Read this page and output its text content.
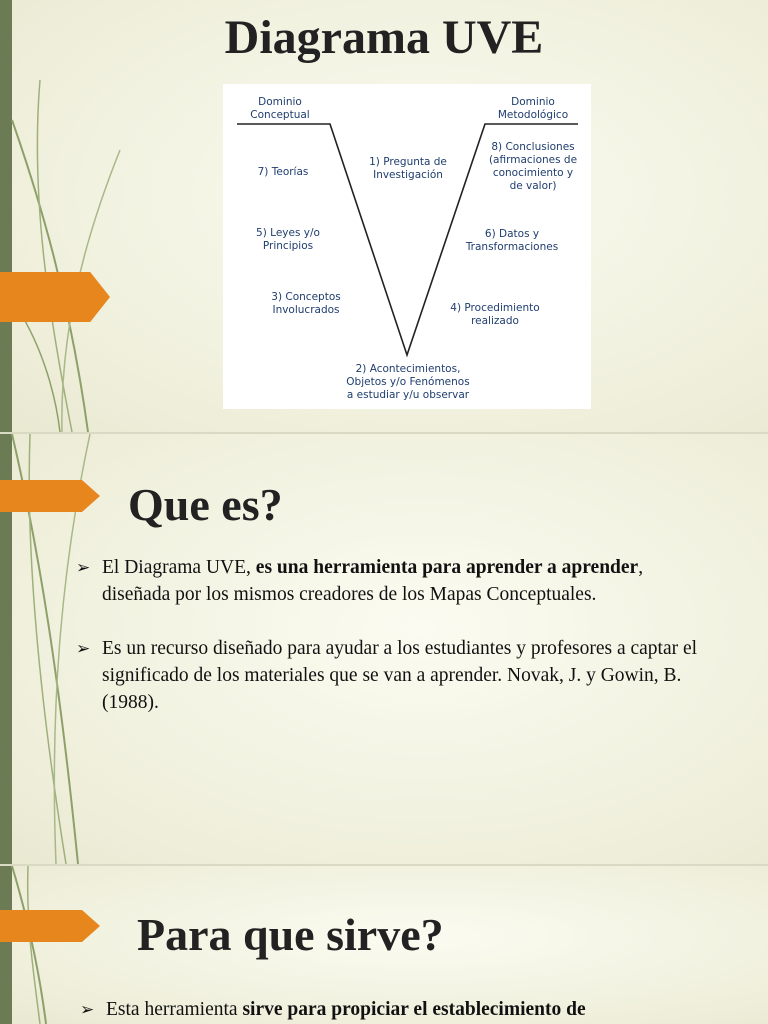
Diagrama UVE
Dominio
Conceptual
Dominio
Metodológico
1) Pregunta de
Investigación
2) Acontecimientos,
Objetos y/o Fenómenos
a estudiar y/u observar
7) Teorías
5) Leyes y/o
Principios
3) Conceptos
Involucrados
8) Conclusiones
(afirmaciones de
conocimiento y
de valor)
6) Datos y
Transformaciones
4) Procedimiento
realizado
Que es?
➢ El Diagrama UVE, es una herramienta para aprender a aprender, diseñada por los mismos creadores de los Mapas Conceptuales.
➢ Es un recurso diseñado para ayudar a los estudiantes y profesores a captar el significado de los materiales que se van a aprender. Novak, J. y Gowin, B. (1988).
Para que sirve?
➢ Esta herramienta sirve para propiciar el establecimiento de
